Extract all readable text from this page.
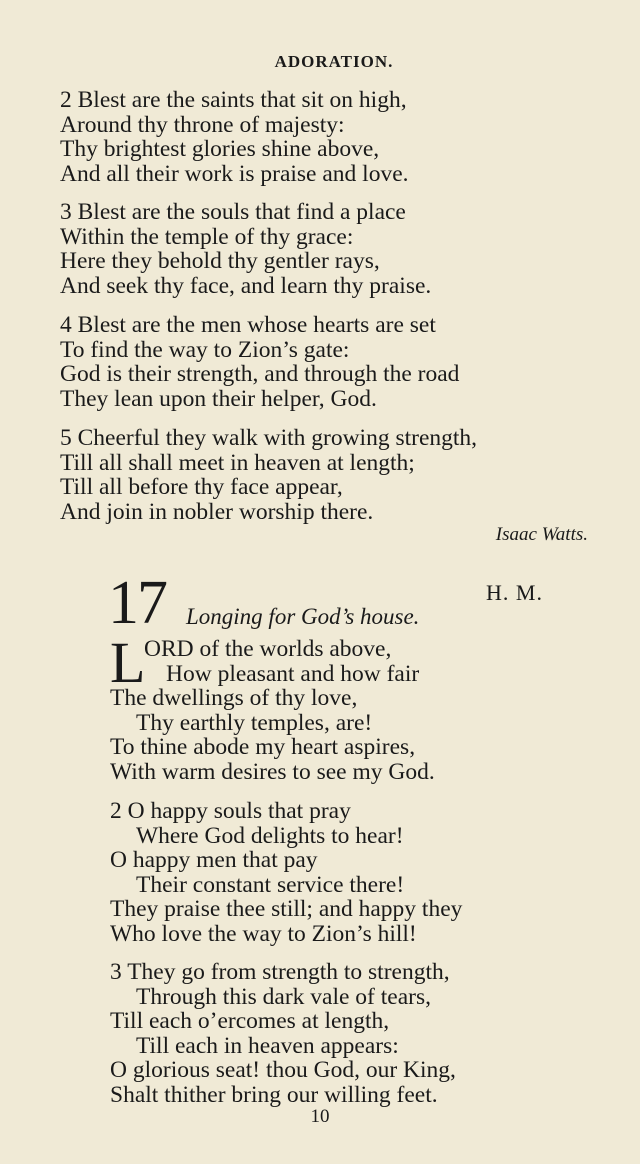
ADORATION.
2 Blest are the saints that sit on high,
Around thy throne of majesty:
Thy brightest glories shine above,
And all their work is praise and love.
3 Blest are the souls that find a place
Within the temple of thy grace:
Here they behold thy gentler rays,
And seek thy face, and learn thy praise.
4 Blest are the men whose hearts are set
To find the way to Zion’s gate:
God is their strength, and through the road
They lean upon their helper, God.
5 Cheerful they walk with growing strength,
Till all shall meet in heaven at length;
Till all before thy face appear,
And join in nobler worship there.
Isaac Watts.
17	H. M.
Longing for God’s house.
L
ORD of the worlds above,
How pleasant and how fair
The dwellings of thy love,
Thy earthly temples, are!
To thine abode my heart aspires,
With warm desires to see my God.
2 O happy souls that pray
Where God delights to hear!
O happy men that pay
Their constant service there!
They praise thee still; and happy they
Who love the way to Zion’s hill!
3 They go from strength to strength,
Through this dark vale of tears,
Till each o’ercomes at length,
Till each in heaven appears:
O glorious seat! thou God, our King,
Shalt thither bring our willing feet.
10
